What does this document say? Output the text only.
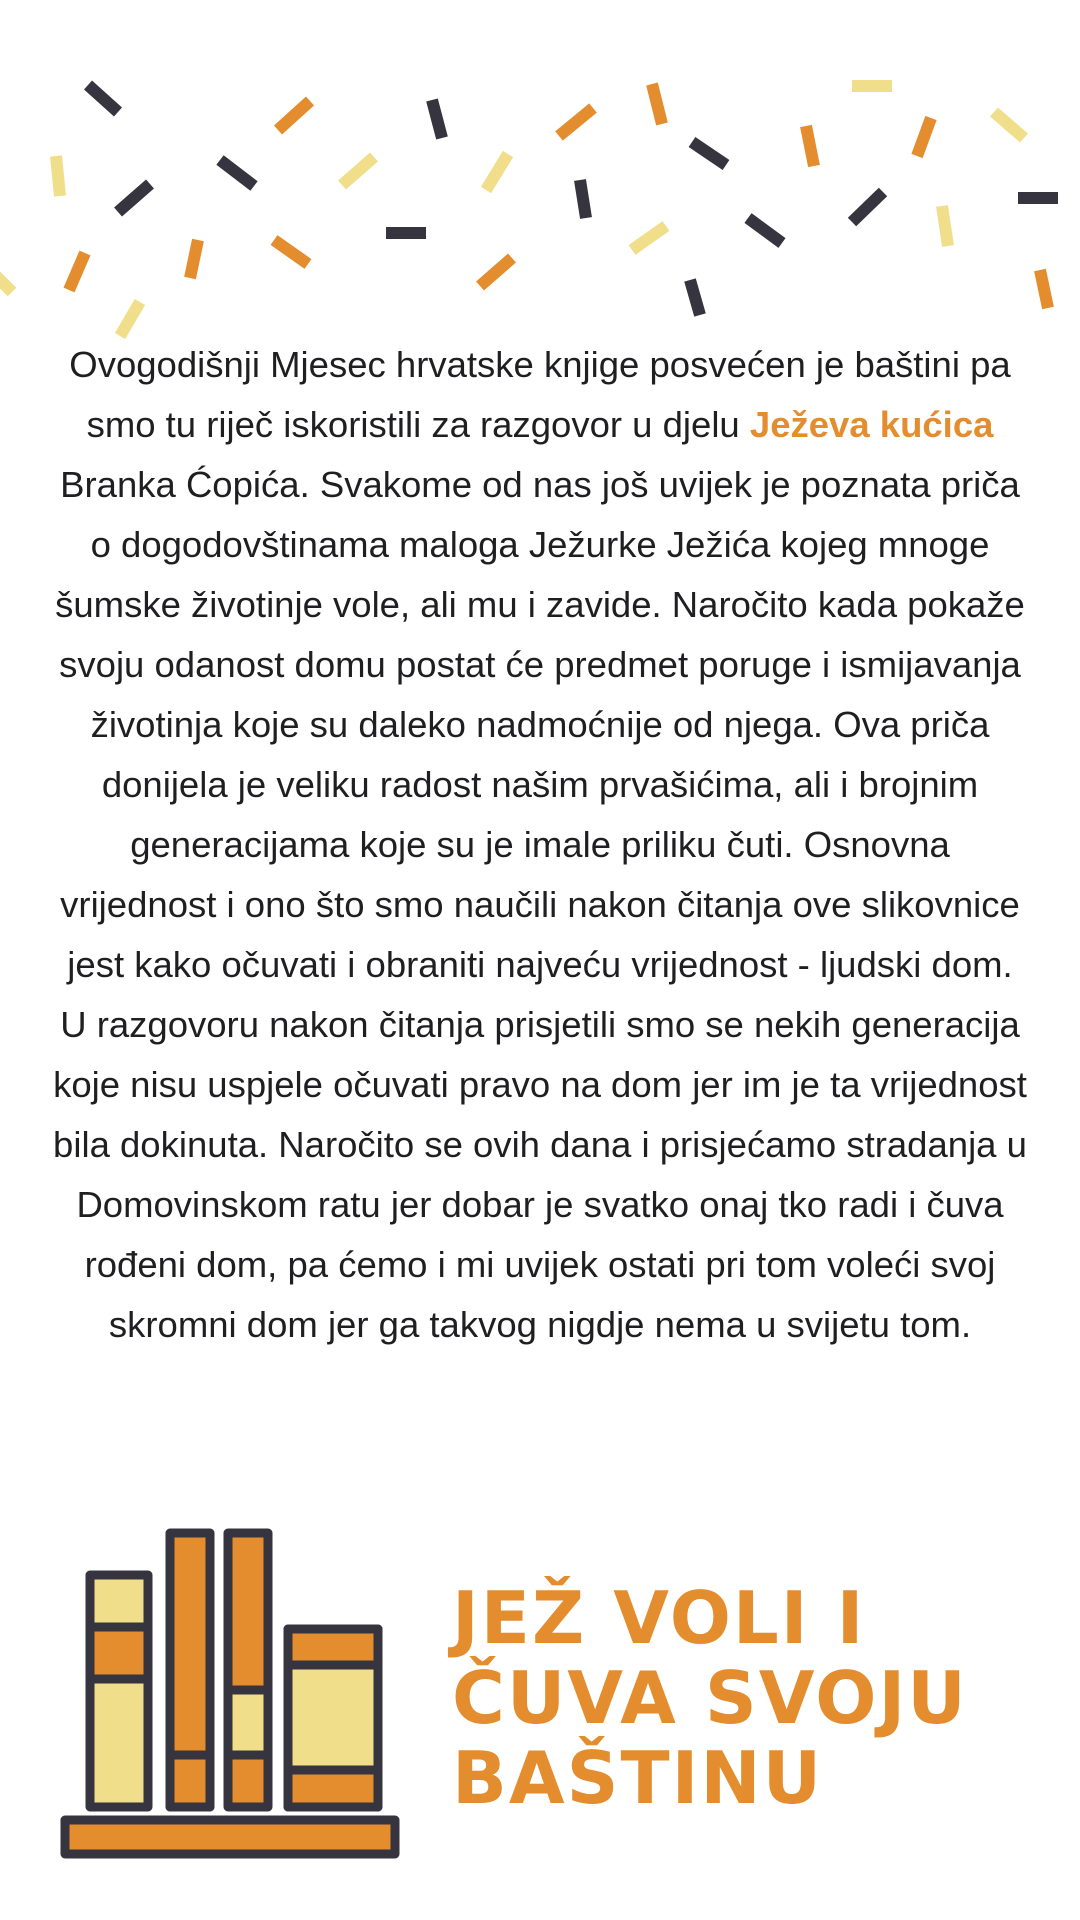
Ovogodišnji Mjesec hrvatske knjige posvećen je baštini pa smo tu riječ iskoristili za razgovor u djelu Ježeva kućica Branka Ćopića. Svakome od nas još uvijek je poznata priča o dogodovštinama maloga Ježurke Ježića kojeg mnoge šumske životinje vole, ali mu i zavide. Naročito kada pokaže svoju odanost domu postat će predmet poruge i ismijavanja životinja koje su daleko nadmoćnije od njega. Ova priča donijela je veliku radost našim prvašićima, ali i brojnim generacijama koje su je imale priliku čuti. Osnovna vrijednost i ono što smo naučili nakon čitanja ove slikovnice jest kako očuvati i obraniti najveću vrijednost - ljudski dom. U razgovoru nakon čitanja prisjetili smo se nekih generacija koje nisu uspjele očuvati pravo na dom jer im je ta vrijednost bila dokinuta. Naročito se ovih dana i prisjećamo stradanja u Domovinskom ratu jer dobar je svatko onaj tko radi i čuva rođeni dom, pa ćemo i mi uvijek ostati pri tom voleći svoj skromni dom jer ga takvog nigdje nema u svijetu tom.

JEŽ VOLI I
ČUVA SVOJU
BAŠTINU
